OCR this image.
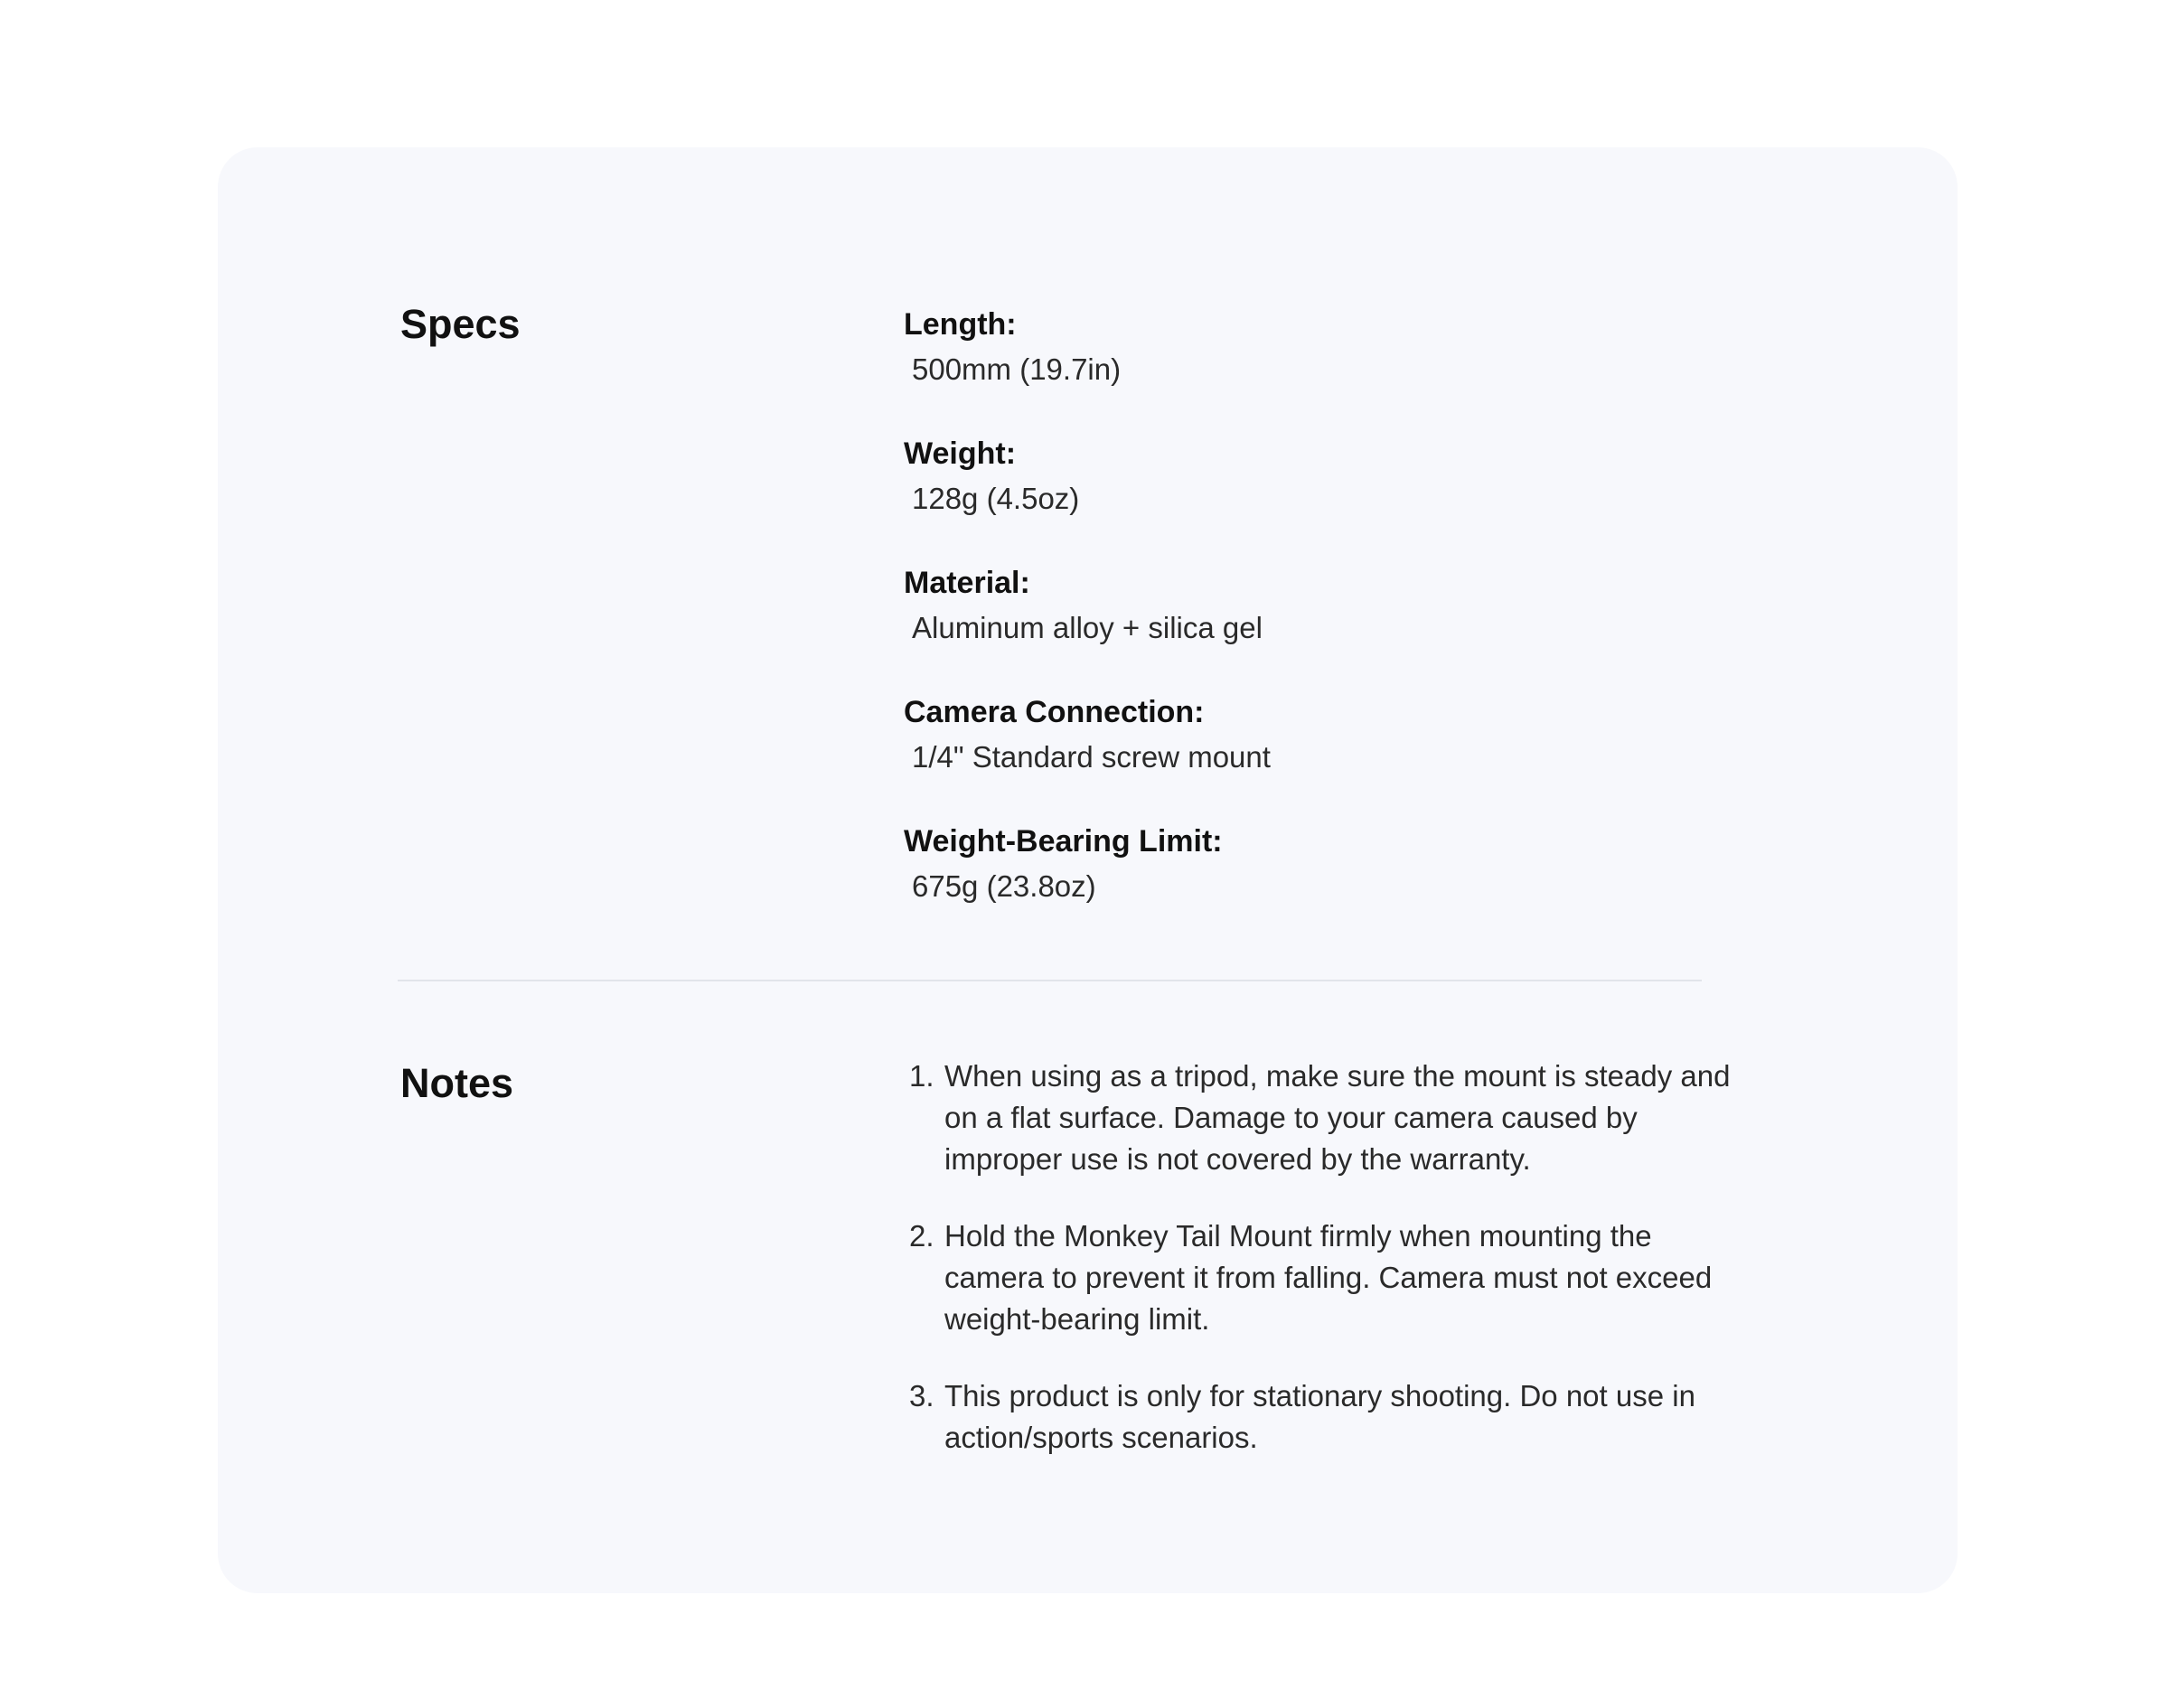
Specs	Length:
500mm (19.7in)
Weight:
128g (4.5oz)
Material:
Aluminum alloy + silica gel
Camera Connection:
1/4" Standard screw mount
Weight-Bearing Limit:
675g (23.8oz)
Notes	1. When using as a tripod, make sure the mount is steady and on a flat surface. Damage to your camera caused by improper use is not covered by the warranty.
2. Hold the Monkey Tail Mount firmly when mounting the camera to prevent it from falling. Camera must not exceed weight-bearing limit.
3. This product is only for stationary shooting. Do not use in action/sports scenarios.
